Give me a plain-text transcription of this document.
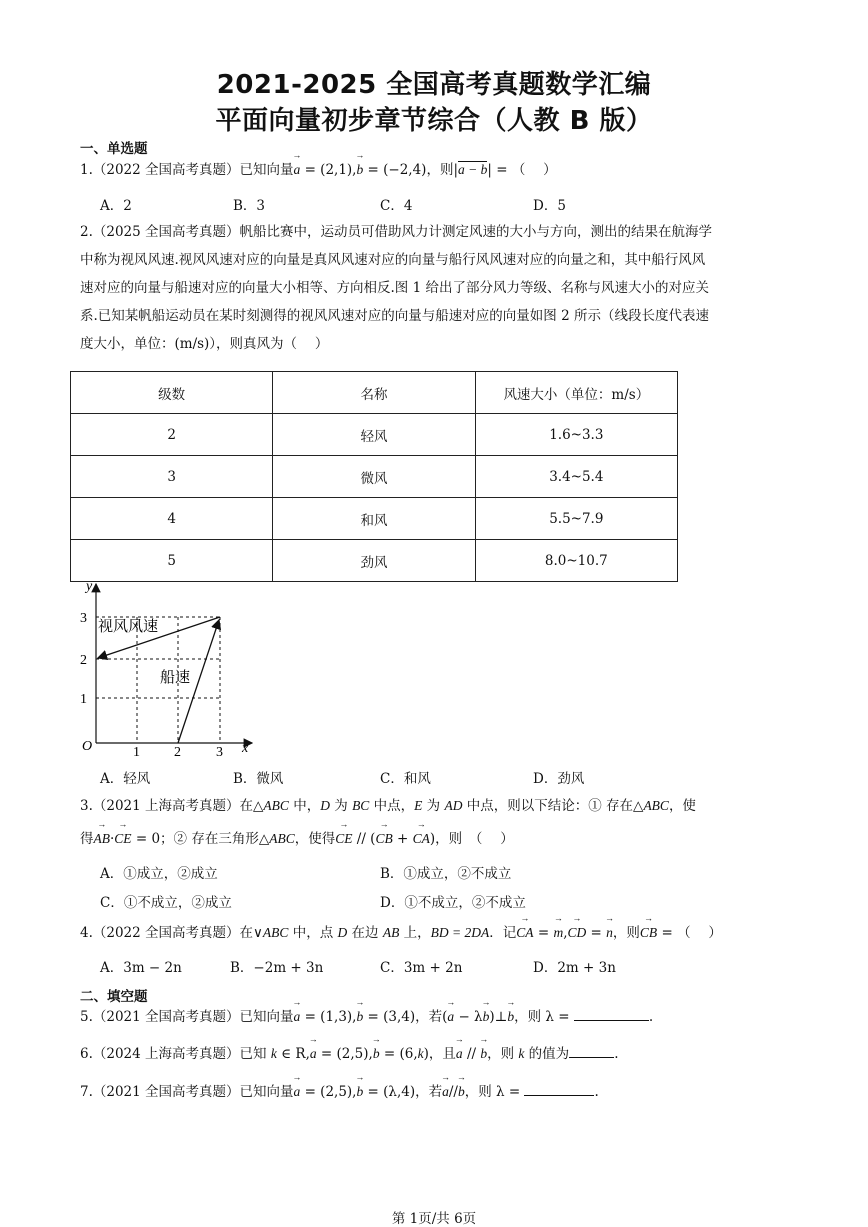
2021-2025 全国高考真题数学汇编
平面向量初步章节综合（人教 B 版）
一、单选题
1.（2022 全国高考真题）已知向量→ a = (2,1),→ b = (−2,4)，则|a − b| = （　 ）
A．2	B．3	C．4	D．5
2.（2025 全国高考真题）帆船比赛中，运动员可借助风力计测定风速的大小与方向，测出的结果在航海学
中称为视风风速.视风风速对应的向量是真风风速对应的向量与船行风风速对应的向量之和，其中船行风风
速对应的向量与船速对应的向量大小相等、方向相反.图 1 给出了部分风力等级、名称与风速大小的对应关
系.已知某帆船运动员在某时刻测得的视风风速对应的向量与船速对应的向量如图 2 所示（线段长度代表速
度大小，单位：(m/s)），则真风为（　 ）
级数	名称	风速大小（单位：m/s）
2	轻风	1.6~3.3
3	微风	3.4~5.4
4	和风	5.5~7.9
5	劲风	8.0~10.7
y
x
O	1 2	3
1
2
3 视风风速
船速
A．轻风	B．微风	C．和风	D．劲风
3.（2021 上海高考真题）在△ABC 中，D 为 BC 中点，E 为 AD 中点，则以下结论：① 存在△ABC，使
得→ AB·→ CE = 0；② 存在三角形△ABC，使得→ CE // (→ CB + → CA)，则　（　 ）
A．①成立，②成立	B．①成立，②不成立
C．①不成立，②成立	D．①不成立，②不成立
4.（2022 全国高考真题）在∨ABC 中，点 D 在边 AB 上，BD = 2DA．记→ CA = → m,→ CD = → n，则→ CB = （　 ）
A．3m − 2n	B．−2m + 3n	C．3m + 2n	D．2m + 3n
二、填空题
5.（2021 全国高考真题）已知向量→ a = (1,3),→ b = (3,4)，若(→ a − λ→ b)⊥→ b，则 λ =	.
6.（2024 上海高考真题）已知 k ∈ R,→ a = (2,5),→ b = (6,k)，且→ a // → b，则 k 的值为	.
7.（2021 全国高考真题）已知向量→ a = (2,5),→ b = (λ,4)，若→ a//→ b，则 λ =	.
第 1页/共 6页
